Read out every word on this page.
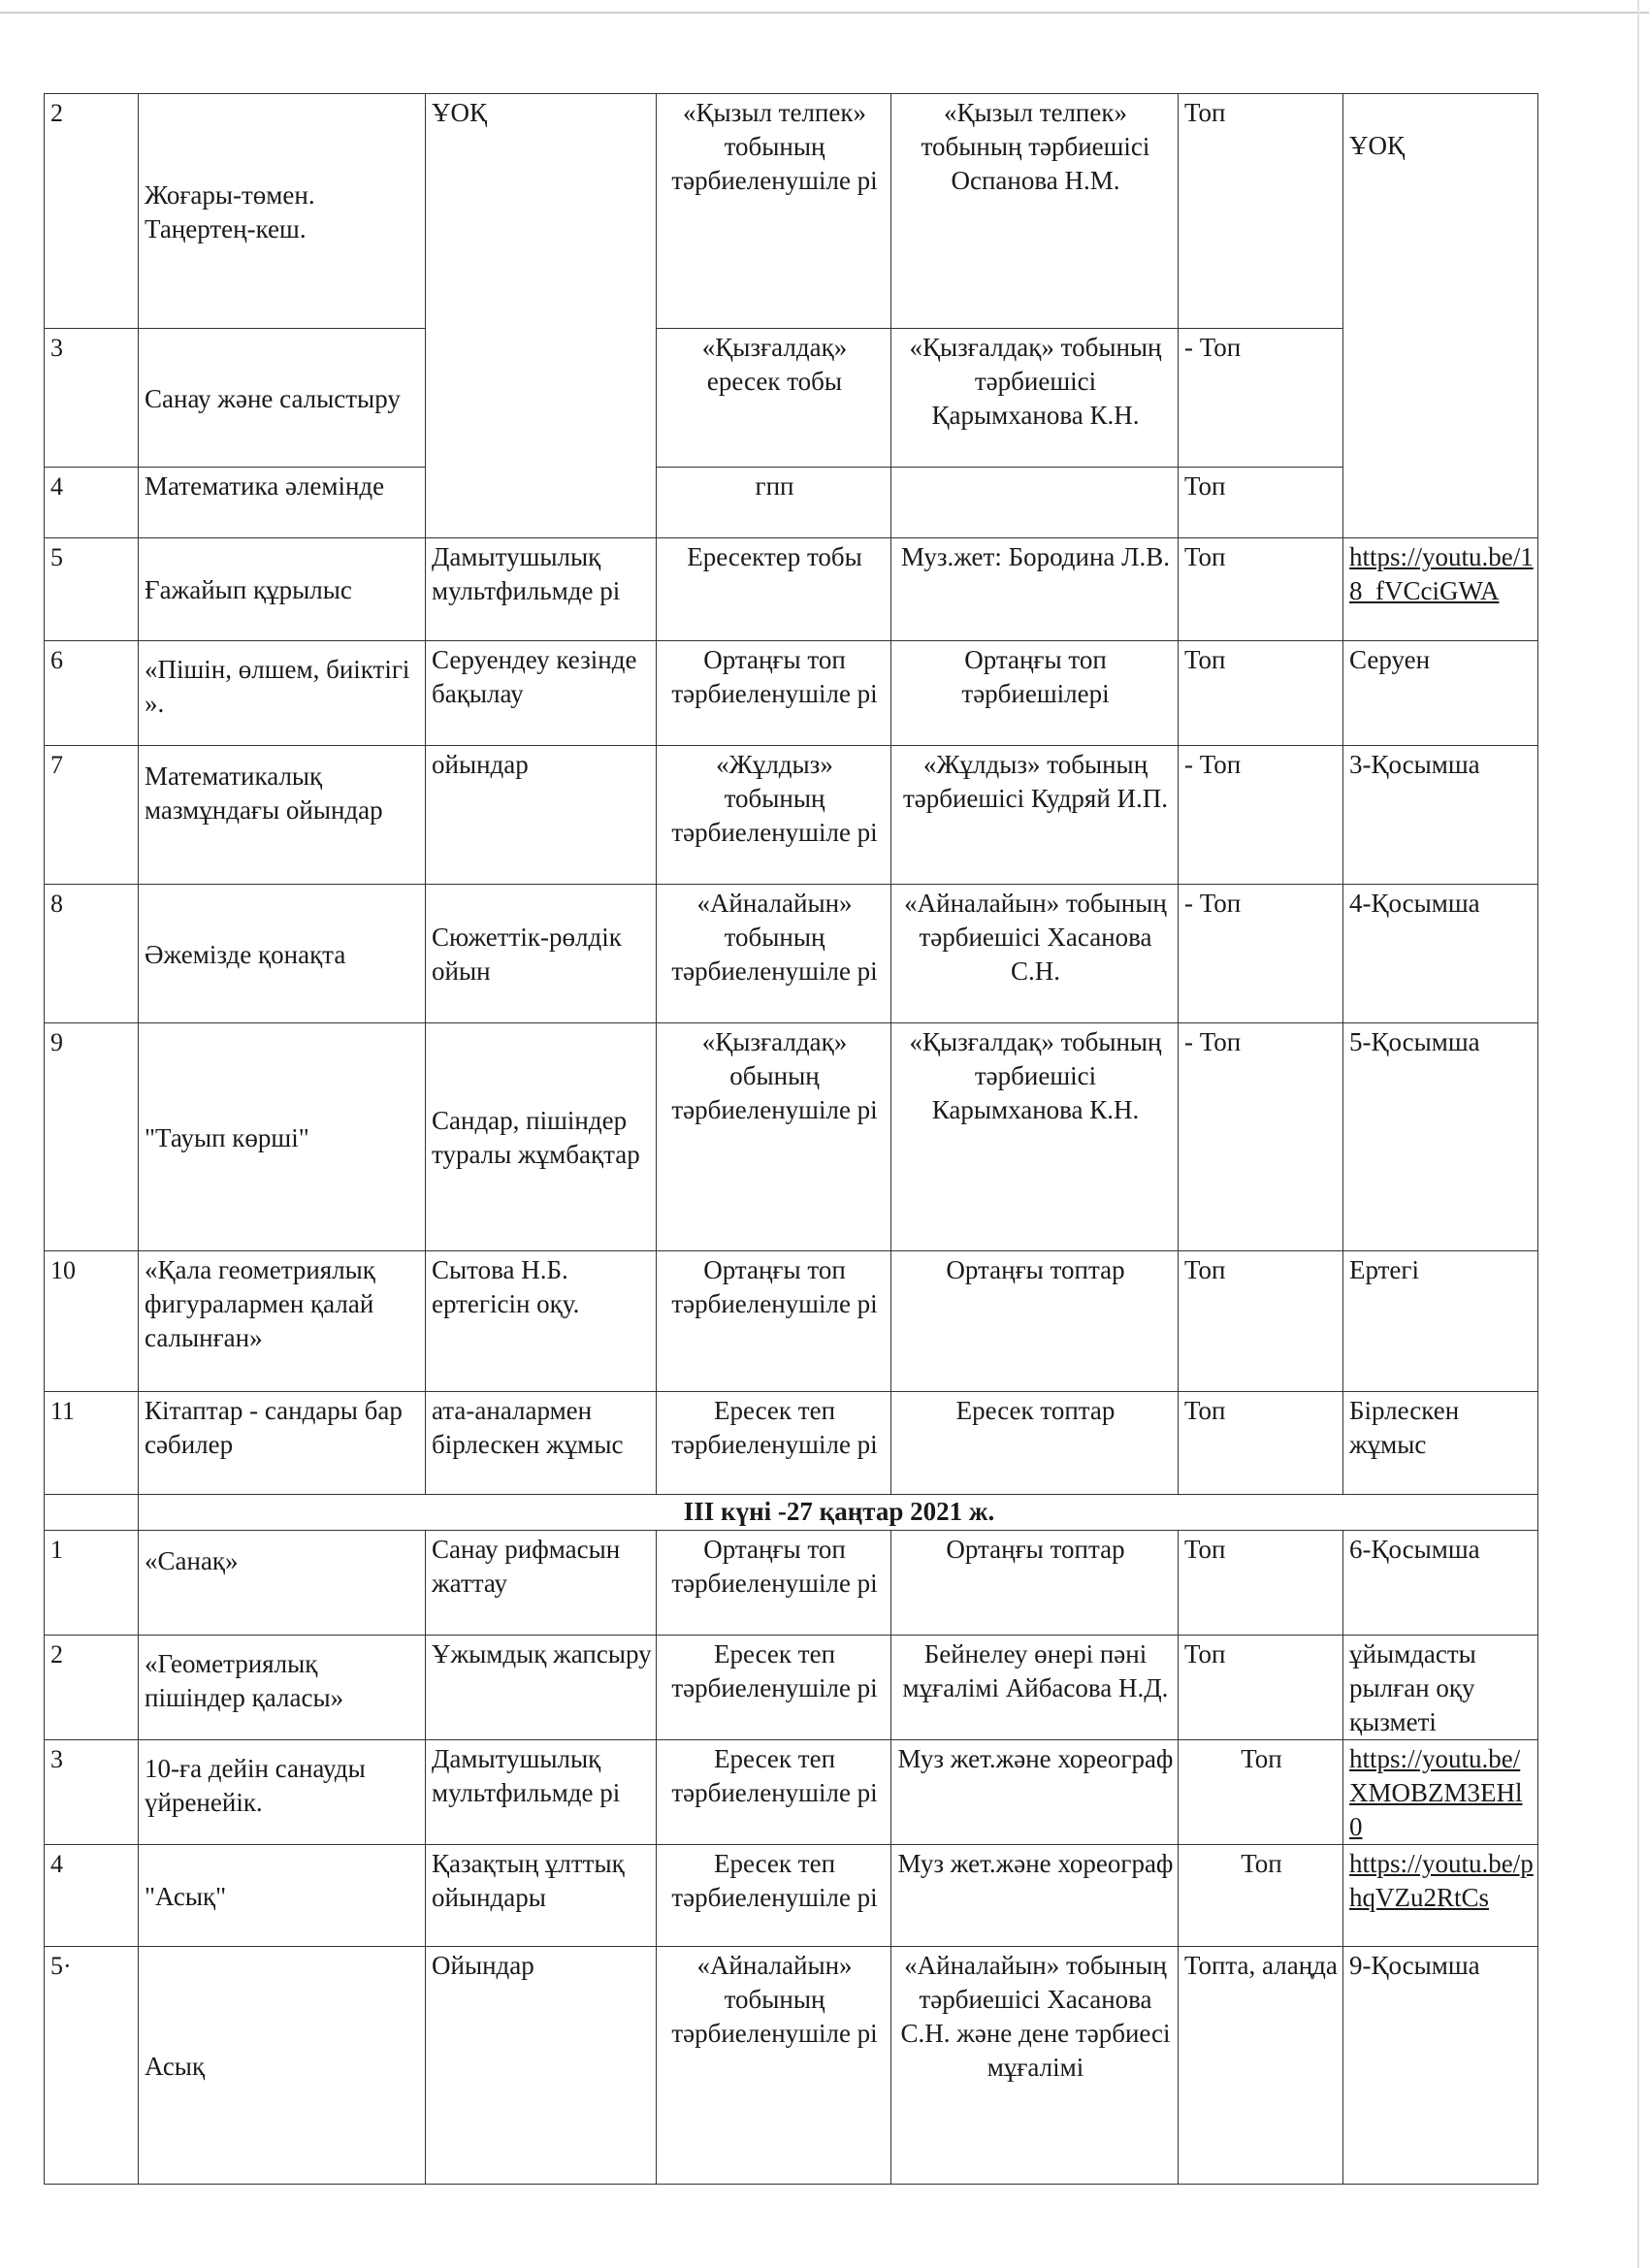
2	Жоғары-төмен. Таңертең-кеш.	ҰОҚ	«Қызыл телпек» тобының тәрбиеленушіле рі	«Қызыл телпек» тобының тәрбиешісі Оспанова Н.М.	Топ	ҰОҚ
3	Санау және салыстыру		«Қызғалдақ» ересек тобы	«Қызғалдақ» тобының тәрбиешісі Қарымханова К.Н.	- Топ	
4	Математика әлемінде		гпп		Топ	
5	Ғажайып құрылыс	Дамытушылық мультфильмде рі	Ересектер тобы	Муз.жет: Бородина Л.В.	Топ	https://youtu.be/18_fVCciGWA
6	«Пішін, өлшем, биіктігі ».	Серуендеу кезінде бақылау	Ортаңғы топ тәрбиеленушіле рі	Ортаңғы топ тәрбиешілері	Топ	Серуен
7	Математикалық мазмұндағы ойындар	ойындар	«Жұлдыз» тобының тәрбиеленушіле рі	«Жұлдыз» тобының тәрбиешісі Кудряй И.П.	- Топ	3-Қосымша
8	Әжемізде қонақта	Сюжеттік-рөлдік ойын	«Айналайын» тобының тәрбиеленушіле рі	«Айналайын» тобының тәрбиешісі Хасанова С.Н.	- Топ	4-Қосымша
9	"Тауып көрші"	Сандар, пішіндер туралы жұмбақтар	«Қызғалдақ» обының тәрбиеленушіле рі	«Қызғалдақ» тобының тәрбиешісі Карымханова К.Н.	- Топ	5-Қосымша
10	«Қала геометриялық фигуралармен қалай салынған»	Сытова Н.Б. ертегісін оқу.	Ортаңғы топ тәрбиеленушіле рі	Ортаңғы топтар	Топ	Ертегі
11	Кітаптар - сандары бар сәбилер	ата-аналармен бірлескен жұмыс	Ересек теп тәрбиеленушіле рі	Ересек топтар	Топ	Бірлескен жұмыс
	III күні -27 қаңтар 2021 ж.					
1	«Санақ»	Санау рифмасын жаттау	Ортаңғы топ тәрбиеленушіле рі	Ортаңғы топтар	Топ	6-Қосымша
2	«Геометриялық пішіндер қаласы»	Ұжымдық жапсыру	Ересек теп тәрбиеленушіле рі	Бейнелеу өнері пәні мұғалімі Айбасова Н.Д.	Топ	ұйымдасты рылған оқу қызметі
3	10-ға дейін санауды үйренейік.	Дамытушылық мультфильмде рі	Ересек теп тәрбиеленушіле рі	Муз жет.және хореограф	Топ	https://youtu.be/XMOBZM3EHl0
4	"Асық"	Қазақтың ұлттық ойындары	Ересек теп тәрбиеленушіле рі	Муз жет.және хореограф	Топ	https://youtu.be/phqVZu2RtCs
5·	Асық	Ойындар	«Айналайын» тобының тәрбиеленушіле рі	«Айналайын» тобының тәрбиешісі Хасанова С.Н. және дене тәрбиесі мұғалімі	Топта, алаңда	9-Қосымша
